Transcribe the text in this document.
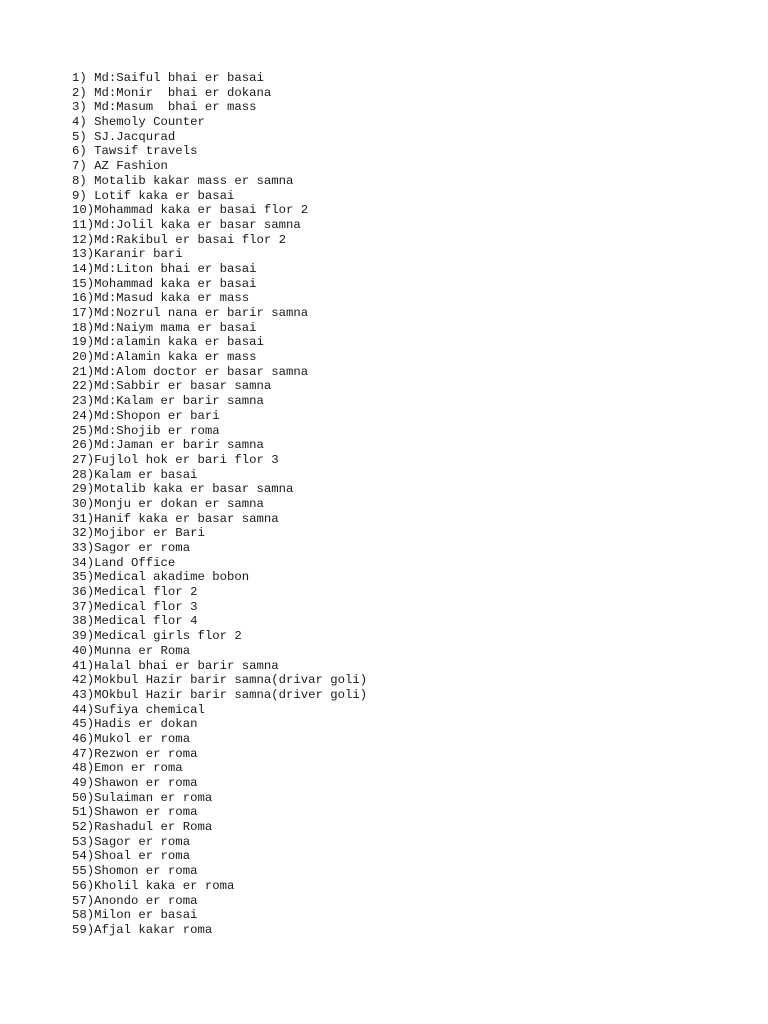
1) Md:Saiful bhai er basai
2) Md:Monir  bhai er dokana
3) Md:Masum  bhai er mass
4) Shemoly Counter
5) SJ.Jacqurad
6) Tawsif travels
7) AZ Fashion
8) Motalib kakar mass er samna
9) Lotif kaka er basai
10)Mohammad kaka er basai flor 2
11)Md:Jolil kaka er basar samna
12)Md:Rakibul er basai flor 2
13)Karanir bari
14)Md:Liton bhai er basai
15)Mohammad kaka er basai
16)Md:Masud kaka er mass
17)Md:Nozrul nana er barir samna
18)Md:Naiym mama er basai
19)Md:alamin kaka er basai
20)Md:Alamin kaka er mass
21)Md:Alom doctor er basar samna
22)Md:Sabbir er basar samna
23)Md:Kalam er barir samna
24)Md:Shopon er bari
25)Md:Shojib er roma
26)Md:Jaman er barir samna
27)Fujlol hok er bari flor 3
28)Kalam er basai
29)Motalib kaka er basar samna
30)Monju er dokan er samna
31)Hanif kaka er basar samna
32)Mojibor er Bari
33)Sagor er roma
34)Land Office
35)Medical akadime bobon
36)Medical flor 2
37)Medical flor 3
38)Medical flor 4
39)Medical girls flor 2
40)Munna er Roma
41)Halal bhai er barir samna
42)Mokbul Hazir barir samna(drivar goli)
43)MOkbul Hazir barir samna(driver goli)
44)Sufiya chemical
45)Hadis er dokan
46)Mukol er roma
47)Rezwon er roma
48)Emon er roma
49)Shawon er roma
50)Sulaiman er roma
51)Shawon er roma
52)Rashadul er Roma
53)Sagor er roma
54)Shoal er roma
55)Shomon er roma
56)Kholil kaka er roma
57)Anondo er roma
58)Milon er basai
59)Afjal kakar roma
